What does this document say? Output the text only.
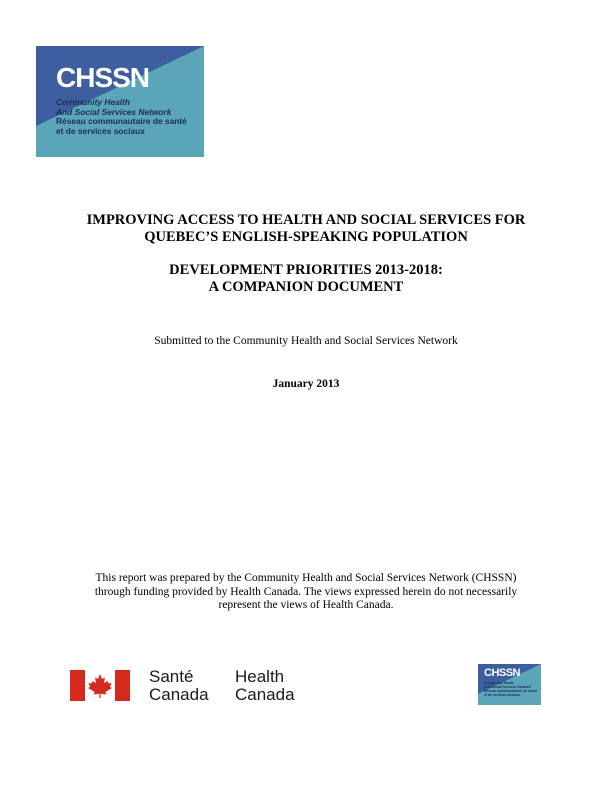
CHSSN
Community Health
And Social Services Network
Réseau communautaire de santé
et de services sociaux
IMPROVING ACCESS TO HEALTH AND SOCIAL SERVICES FOR
QUEBEC’S ENGLISH-SPEAKING POPULATION
DEVELOPMENT PRIORITIES 2013-2018:
A COMPANION DOCUMENT
Submitted to the Community Health and Social Services Network
January 2013
This report was prepared by the Community Health and Social Services Network (CHSSN)
through funding provided by Health Canada. The views expressed herein do not necessarily
represent the views of Health Canada.
Santé
Canada
Health
Canada
CHSSN
Community Health
And Social Services Network
Réseau communautaire de santé
et de services sociaux
